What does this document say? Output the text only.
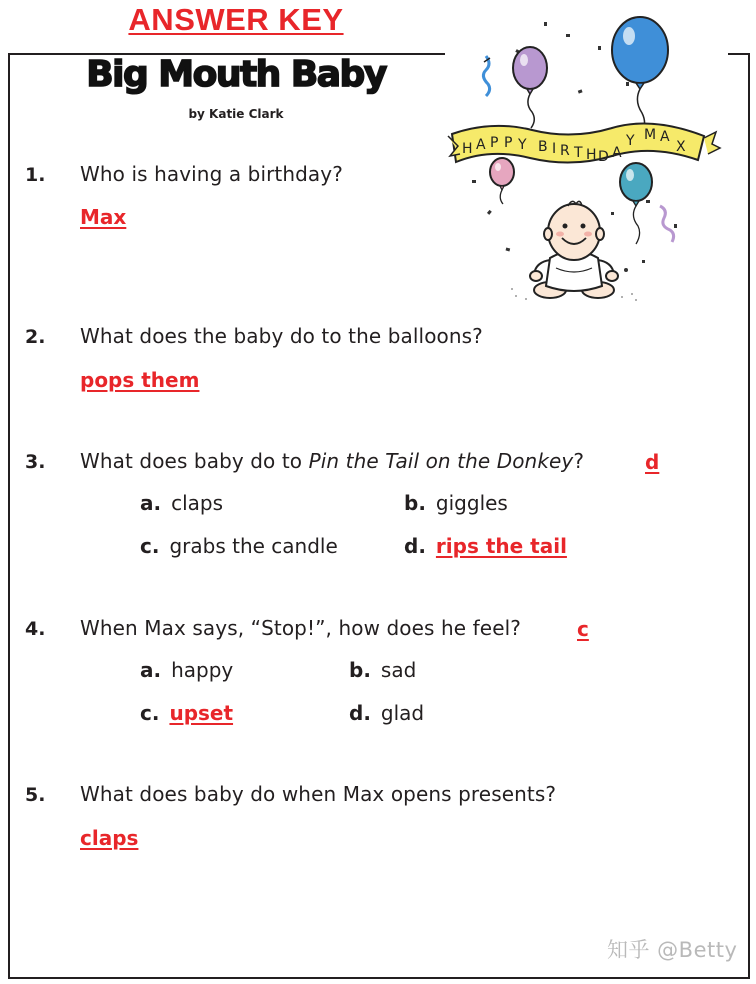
ANSWER KEY
Big Mouth Baby
by Katie Clark
H A P P Y B I R T H D A
Y M A
X
1. Who is having a birthday?
Max
2. What does the baby do to the balloons?
pops them
3. What does baby do to Pin the Tail on the Donkey?	d
a. claps	b. giggles
c. grabs the candle	d. rips the tail
4. When Max says, “Stop!”, how does he feel?	c
a. happy	b. sad
c. upset	d. glad
5. What does baby do when Max opens presents?
claps
知乎 @Betty
